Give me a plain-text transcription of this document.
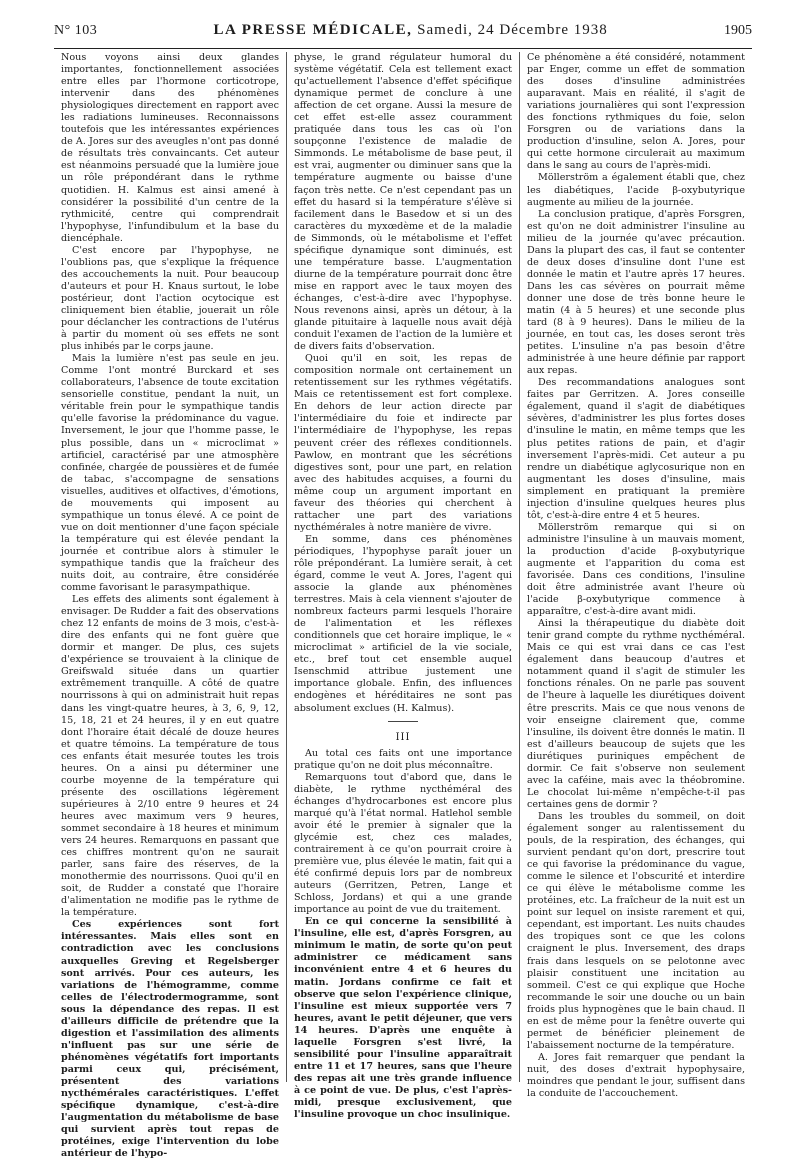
N° 103	LA PRESSE MÉDICALE, Samedi, 24 Décembre 1938	1905

Nous voyons ainsi deux glandes importantes, fonctionnellement associées entre elles par l'hormone corticotrope, intervenir dans des phénomènes physiologiques directement en rapport avec les radiations lumineuses. Reconnaissons toutefois que les intéressantes expériences de A. Jores sur des aveugles n'ont pas donné de résultats très convaincants. Cet auteur est néanmoins persuadé que la lumière joue un rôle prépondérant dans le rythme quotidien. H. Kalmus est ainsi amené à considérer la possibilité d'un centre de la rythmicité, centre qui comprendrait l'hypophyse, l'infundibulum et la base du diencéphale.

C'est encore par l'hypophyse, ne l'oublions pas, que s'explique la fréquence des accouchements la nuit. Pour beaucoup d'auteurs et pour H. Knaus surtout, le lobe postérieur, dont l'action ocytocique est cliniquement bien établie, jouerait un rôle pour déclancher les contractions de l'utérus à partir du moment où ses effets ne sont plus inhibés par le corps jaune.

Mais la lumière n'est pas seule en jeu. Comme l'ont montré Burckard et ses collaborateurs, l'absence de toute excitation sensorielle constitue, pendant la nuit, un véritable frein pour le sympathique tandis qu'elle favorise la prédominance du vague. Inversement, le jour que l'homme passe, le plus possible, dans un « microclimat » artificiel, caractérisé par une atmosphère confinée, chargée de poussières et de fumée de tabac, s'accompagne de sensations visuelles, auditives et olfactives, d'émotions, de mouvements qui imposent au sympathique un tonus élevé. A ce point de vue on doit mentionner d'une façon spéciale la température qui est élevée pendant la journée et contribue alors à stimuler le sympathique tandis que la fraîcheur des nuits doit, au contraire, être considérée comme favorisant le parasympathique.

Les effets des aliments sont également à envisager. De Rudder a fait des observations chez 12 enfants de moins de 3 mois, c'est-à-dire des enfants qui ne font guère que dormir et manger. De plus, ces sujets d'expérience se trouvaient à la clinique de Greifswald située dans un quartier extrêmement tranquille. A côté de quatre nourrissons à qui on administrait huit repas dans les vingt-quatre heures, à 3, 6, 9, 12, 15, 18, 21 et 24 heures, il y en eut quatre dont l'horaire était décalé de douze heures et quatre témoins. La température de tous ces enfants était mesurée toutes les trois heures. On a ainsi pu déterminer une courbe moyenne de la température qui présente des oscillations légèrement supérieures à 2/10 entre 9 heures et 24 heures avec maximum vers 9 heures, sommet secondaire à 18 heures et minimum vers 24 heures. Remarquons en passant que ces chiffres montrent qu'on ne saurait parler, sans faire des réserves, de la monothermie des nourrissons. Quoi qu'il en soit, de Rudder a constaté que l'horaire d'alimentation ne modifie pas le rythme de la température.

Ces expériences sont fort intéressantes. Mais elles sont en contradiction avec les conclusions auxquelles Greving et Regelsberger sont arrivés. Pour ces auteurs, les variations de l'hémogramme, comme celles de l'électrodermogramme, sont sous la dépendance des repas. Il est d'ailleurs difficile de prétendre que la digestion et l'assimilation des aliments n'influent pas sur une série de phénomènes végétatifs fort importants parmi ceux qui, précisément, présentent des variations nycthémérales caractéristiques. L'effet spécifique dynamique, c'est-à-dire l'augmentation du métabolisme de base qui survient après tout repas de protéines, exige l'intervention du lobe antérieur de l'hypo-

physe, le grand régulateur humoral du système végétatif. Cela est tellement exact qu'actuellement l'absence d'effet spécifique dynamique permet de conclure à une affection de cet organe. Aussi la mesure de cet effet est-elle assez couramment pratiquée dans tous les cas où l'on soupçonne l'existence de maladie de Simmonds. Le métabolisme de base peut, il est vrai, augmenter ou diminuer sans que la température augmente ou baisse d'une façon très nette. Ce n'est cependant pas un effet du hasard si la température s'élève si facilement dans le Basedow et si un des caractères du myxœdème et de la maladie de Simmonds, où le métabolisme et l'effet spécifique dynamique sont diminués, est une température basse. L'augmentation diurne de la température pourrait donc être mise en rapport avec le taux moyen des échanges, c'est-à-dire avec l'hypophyse. Nous revenons ainsi, après un détour, à la glande pituitaire à laquelle nous avait déjà conduit l'examen de l'action de la lumière et de divers faits d'observation.

Quoi qu'il en soit, les repas de composition normale ont certainement un retentissement sur les rythmes végétatifs. Mais ce retentissement est fort complexe. En dehors de leur action directe par l'intermédiaire du foie et indirecte par l'intermédiaire de l'hypophyse, les repas peuvent créer des réflexes conditionnels. Pawlow, en montrant que les sécrétions digestives sont, pour une part, en relation avec des habitudes acquises, a fourni du même coup un argument important en faveur des théories qui cherchent à rattacher une part des variations nycthémérales à notre manière de vivre.

En somme, dans ces phénomènes périodiques, l'hypophyse paraît jouer un rôle prépondérant. La lumière serait, à cet égard, comme le veut A. Jores, l'agent qui associe la glande aux phénomènes terrestres. Mais à cela viennent s'ajouter de nombreux facteurs parmi lesquels l'horaire de l'alimentation et les réflexes conditionnels que cet horaire implique, le « microclimat » artificiel de la vie sociale, etc., bref tout cet ensemble auquel Isenschmid attribue justement une importance globale. Enfin, des influences endogènes et héréditaires ne sont pas absolument exclues (H. Kalmus).

III

Au total ces faits ont une importance pratique qu'on ne doit plus méconnaître.

Remarquons tout d'abord que, dans le diabète, le rythme nycthéméral des échanges d'hydrocarbones est encore plus marqué qu'à l'état normal. Hatlehol semble avoir été le premier à signaler que la glycémie est, chez ces malades, contrairement à ce qu'on pourrait croire à première vue, plus élevée le matin, fait qui a été confirmé depuis lors par de nombreux auteurs (Gerritzen, Petren, Lange et Schloss, Jordans) et qui a une grande importance au point de vue du traitement.

En ce qui concerne la sensibilité à l'insuline, elle est, d'après Forsgren, au minimum le matin, de sorte qu'on peut administrer ce médicament sans inconvénient entre 4 et 6 heures du matin. Jordans confirme ce fait et observe que selon l'expérience clinique, l'insuline est mieux supportée vers 7 heures, avant le petit déjeuner, que vers 14 heures. D'après une enquête à laquelle Forsgren s'est livré, la sensibilité pour l'insuline apparaîtrait entre 11 et 17 heures, sans que l'heure des repas ait une très grande influence à ce point de vue. De plus, c'est l'après-midi, presque exclusivement, que l'insuline provoque un choc insulinique.

Ce phénomène a été considéré, notamment par Enger, comme un effet de sommation des doses d'insuline administrées auparavant. Mais en réalité, il s'agit de variations journalières qui sont l'expression des fonctions rythmiques du foie, selon Forsgren ou de variations dans la production d'insuline, selon A. Jores, pour qui cette hormone circulerait au maximum dans le sang au cours de l'après-midi.

Möllerström a également établi que, chez les diabétiques, l'acide β-oxybutyrique augmente au milieu de la journée.

La conclusion pratique, d'après Forsgren, est qu'on ne doit administrer l'insuline au milieu de la journée qu'avec précaution. Dans la plupart des cas, il faut se contenter de deux doses d'insuline dont l'une est donnée le matin et l'autre après 17 heures. Dans les cas sévères on pourrait même donner une dose de très bonne heure le matin (4 à 5 heures) et une seconde plus tard (8 à 9 heures). Dans le milieu de la journée, en tout cas, les doses seront très petites. L'insuline n'a pas besoin d'être administrée à une heure définie par rapport aux repas.

Des recommandations analogues sont faites par Gerritzen. A. Jores conseille également, quand il s'agit de diabétiques sévères, d'administrer les plus fortes doses d'insuline le matin, en même temps que les plus petites rations de pain, et d'agir inversement l'après-midi. Cet auteur a pu rendre un diabétique aglycosurique non en augmentant les doses d'insuline, mais simplement en pratiquant la première injection d'insuline quelques heures plus tôt, c'est-à-dire entre 4 et 5 heures.

Möllerström remarque qui si on administre l'insuline à un mauvais moment, la production d'acide β-oxybutyrique augmente et l'apparition du coma est favorisée. Dans ces conditions, l'insuline doit être administrée avant l'heure où l'acide β-oxybutyrique commence à apparaître, c'est-à-dire avant midi.

Ainsi la thérapeutique du diabète doit tenir grand compte du rythme nycthéméral. Mais ce qui est vrai dans ce cas l'est également dans beaucoup d'autres et notamment quand il s'agit de stimuler les fonctions rénales. On ne parle pas souvent de l'heure à laquelle les diurétiques doivent être prescrits. Mais ce que nous venons de voir enseigne clairement que, comme l'insuline, ils doivent être donnés le matin. Il est d'ailleurs beaucoup de sujets que les diurétiques puriniques empêchent de dormir. Ce fait s'observe non seulement avec la caféine, mais avec la théobromine. Le chocolat lui-même n'empêche-t-il pas certaines gens de dormir ?

Dans les troubles du sommeil, on doit également songer au ralentissement du pouls, de la respiration, des échanges, qui survient pendant qu'on dort, prescrire tout ce qui favorise la prédominance du vague, comme le silence et l'obscurité et interdire ce qui élève le métabolisme comme les protéines, etc. La fraîcheur de la nuit est un point sur lequel on insiste rarement et qui, cependant, est important. Les nuits chaudes des tropiques sont ce que les colons craignent le plus. Inversement, des draps frais dans lesquels on se pelotonne avec plaisir constituent une incitation au sommeil. C'est ce qui explique que Hoche recommande le soir une douche ou un bain froids plus hypnogènes que le bain chaud. Il en est de même pour la fenêtre ouverte qui permet de bénéficier pleinement de l'abaissement nocturne de la température.

A. Jores fait remarquer que pendant la nuit, des doses d'extrait hypophysaire, moindres que pendant le jour, suffisent dans la conduite de l'accouchement.
